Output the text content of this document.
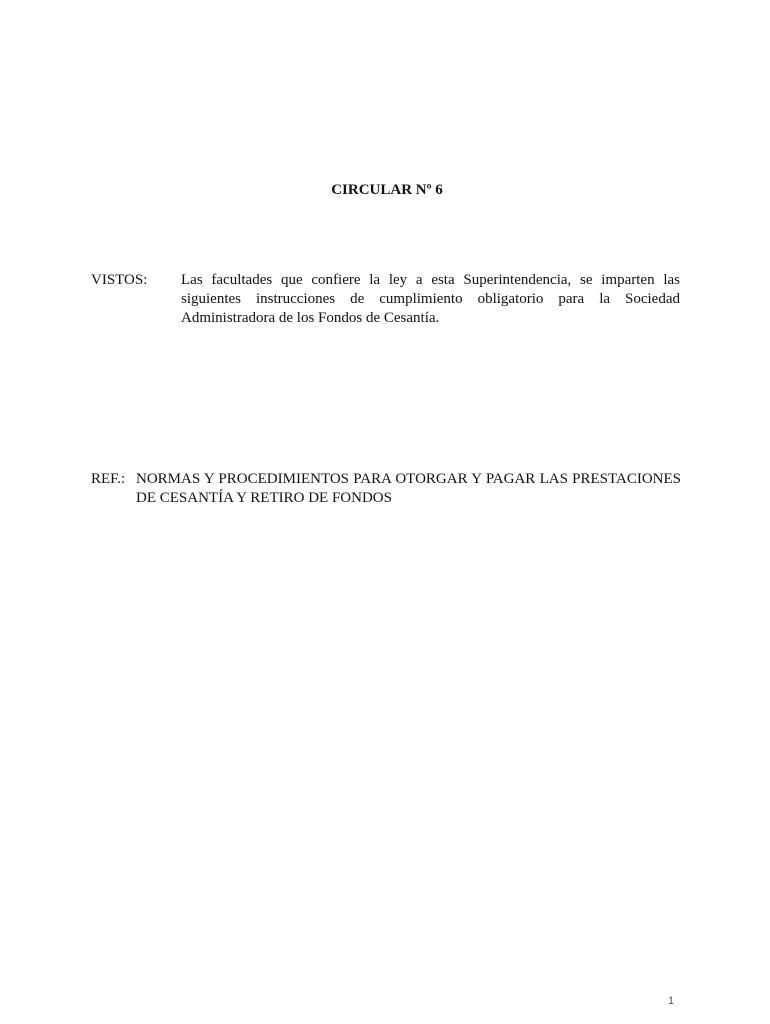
CIRCULAR Nº 6
VISTOS: Las facultades que confiere la ley a esta Superintendencia, se imparten las siguientes instrucciones de cumplimiento obligatorio para la Sociedad Administradora de los Fondos de Cesantía.
REF.: NORMAS Y PROCEDIMIENTOS PARA OTORGAR Y PAGAR LAS PRESTACIONES DE CESANTÍA Y RETIRO DE FONDOS
1
